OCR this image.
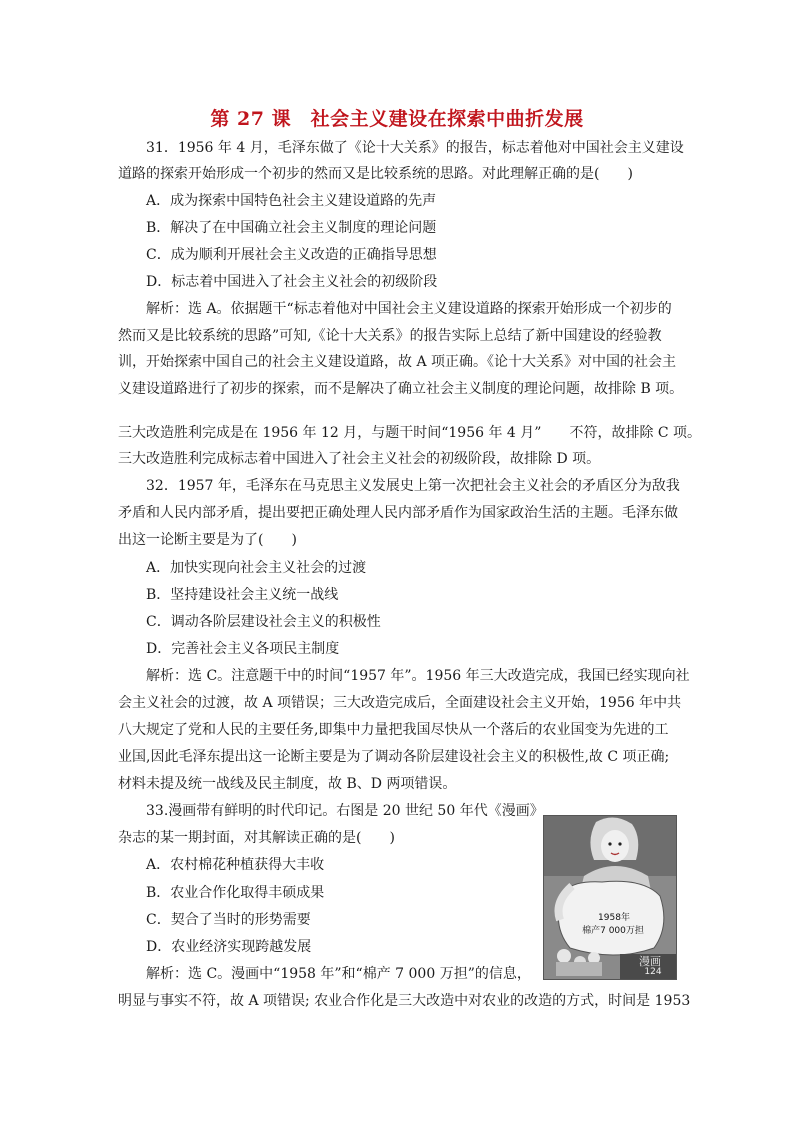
第 27 课　社会主义建设在探索中曲折发展
31．1956 年 4 月，毛泽东做了《论十大关系》的报告，标志着他对中国社会主义建设
道路的探索开始形成一个初步的然而又是比较系统的思路。对此理解正确的是(　　)
A．成为探索中国特色社会主义建设道路的先声
B．解决了在中国确立社会主义制度的理论问题
C．成为顺利开展社会主义改造的正确指导思想
D．标志着中国进入了社会主义社会的初级阶段
解析：选 A。依据题干“标志着他对中国社会主义建设道路的探索开始形成一个初步的
然而又是比较系统的思路”可知,《论十大关系》的报告实际上总结了新中国建设的经验教
训，开始探索中国自己的社会主义建设道路，故 A 项正确。《论十大关系》对中国的社会主
义建设道路进行了初步的探索，而不是解决了确立社会主义制度的理论问题，故排除 B 项。
三大改造胜利完成是在 1956 年 12 月，与题干时间“1956 年 4 月”　　不符，故排除 C 项。
三大改造胜利完成标志着中国进入了社会主义社会的初级阶段，故排除 D 项。
32．1957 年，毛泽东在马克思主义发展史上第一次把社会主义社会的矛盾区分为敌我
矛盾和人民内部矛盾，提出要把正确处理人民内部矛盾作为国家政治生活的主题。毛泽东做
出这一论断主要是为了(　　)
A．加快实现向社会主义社会的过渡
B．坚持建设社会主义统一战线
C．调动各阶层建设社会主义的积极性
D．完善社会主义各项民主制度
解析：选 C。注意题干中的时间“1957 年”。1956 年三大改造完成，我国已经实现向社
会主义社会的过渡，故 A 项错误；三大改造完成后，全面建设社会主义开始，1956 年中共
八大规定了党和人民的主要任务,即集中力量把我国尽快从一个落后的农业国变为先进的工
业国,因此毛泽东提出这一论断主要是为了调动各阶层建设社会主义的积极性,故 C 项正确;
材料未提及统一战线及民主制度，故 B、D 两项错误。
33.漫画带有鲜明的时代印记。右图是 20 世纪 50 年代《漫画》
杂志的某一期封面，对其解读正确的是(　　)
A．农村棉花种植获得大丰收
B．农业合作化取得丰硕成果
C．契合了当时的形势需要
D．农业经济实现跨越发展
解析：选 C。漫画中“1958 年”和“棉产 7 000 万担”的信息，
明显与事实不符，故 A 项错误; 农业合作化是三大改造中对农业的改造的方式，时间是 1953
1958年
棉产7 000万担
漫画
124
